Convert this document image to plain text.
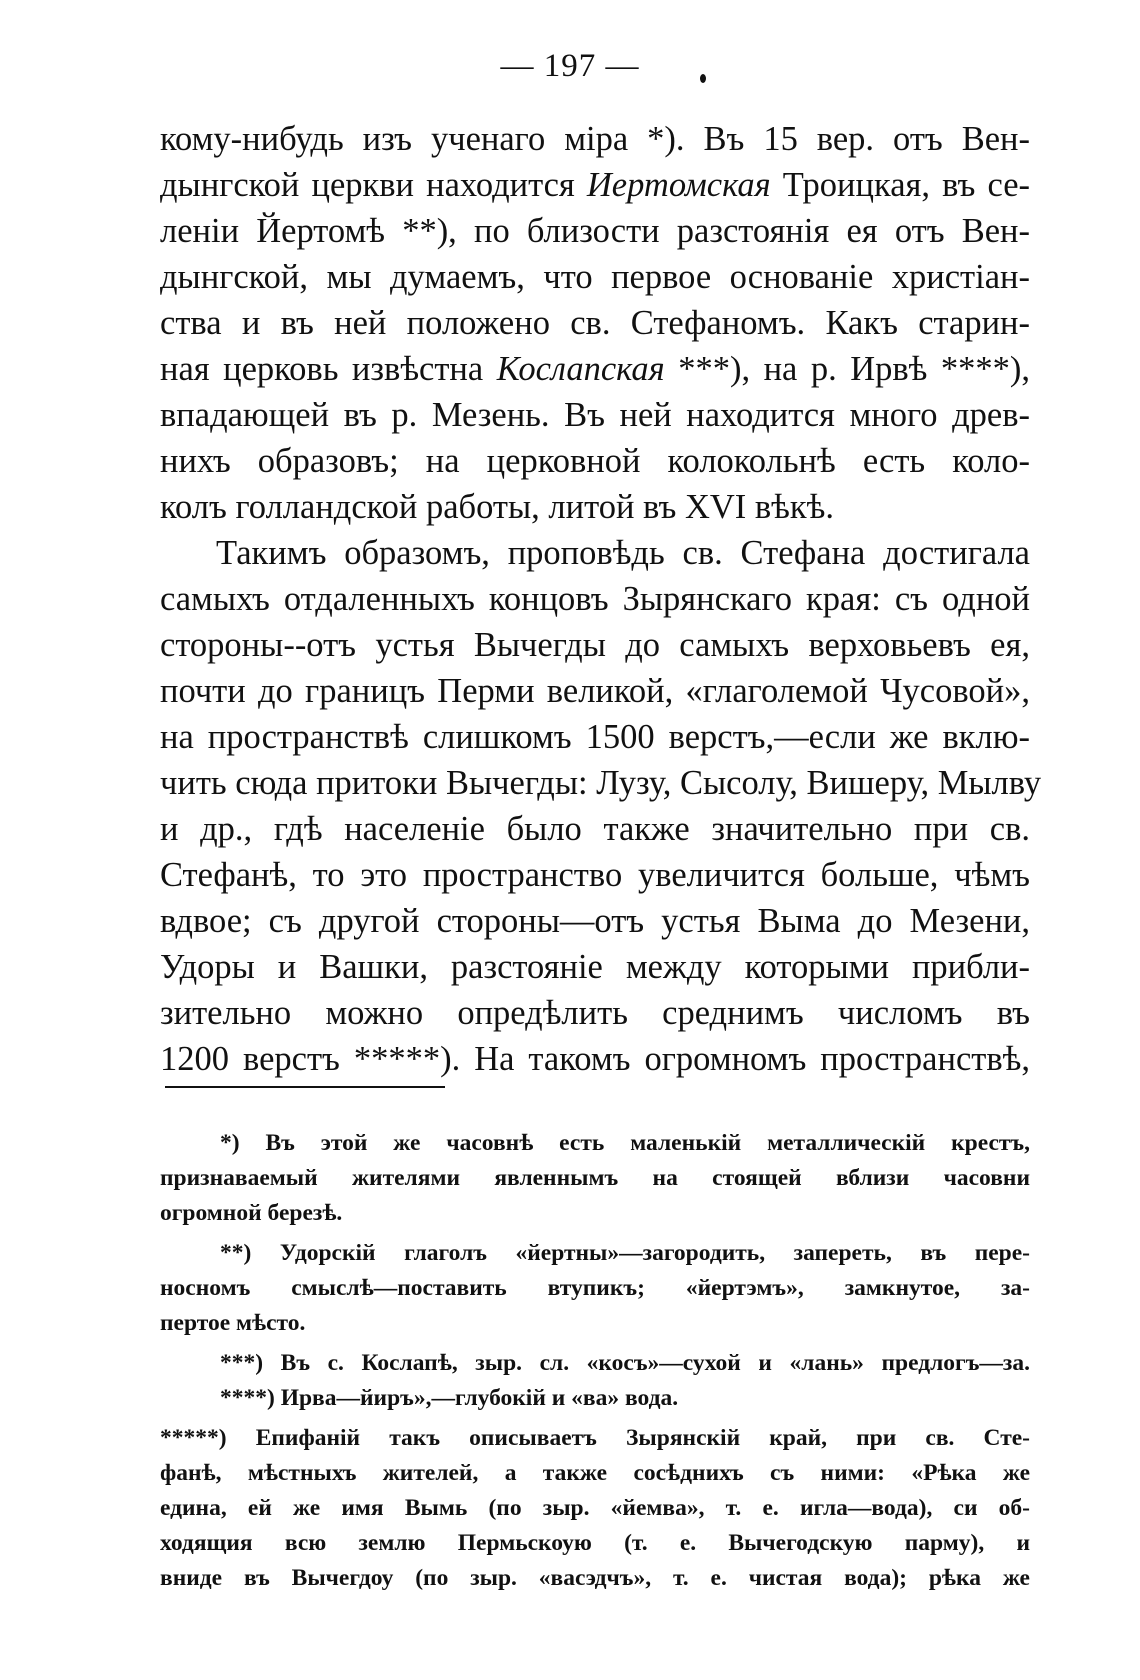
— 197 —
кому-нибудь изъ ученаго міра *). Въ 15 вер. отъ Вен-
дынгской церкви находится Иертомская Троицкая, въ се-
леніи Йертомѣ **), по близости разстоянія ея отъ Вен-
дынгской, мы думаемъ, что первое основаніе христіан-
ства и въ ней положено св. Стефаномъ. Какъ старин-
ная церковь извѣстна Кослапская ***), на р. Ирвѣ ****),
впадающей въ р. Мезень. Въ ней находится много древ-
нихъ образовъ; на церковной колокольнѣ есть коло-
колъ голландской работы, литой въ XVI вѣкѣ.
Такимъ образомъ, проповѣдь св. Стефана достигала
самыхъ отдаленныхъ концовъ Зырянскаго края: съ одной
стороны--отъ устья Вычегды до самыхъ верховьевъ ея,
почти до границъ Перми великой, «глаголемой Чусовой»,
на пространствѣ слишкомъ 1500 верстъ,—если же вклю-
чить сюда притоки Вычегды: Лузу, Сысолу, Вишеру, Мылву
и др., гдѣ населеніе было также значительно при св.
Стефанѣ, то это пространство увеличится больше, чѣмъ
вдвое; съ другой стороны—отъ устья Выма до Мезени,
Удоры и Вашки, разстояніе между которыми прибли-
зительно можно опредѣлить среднимъ числомъ въ
1200 верстъ *****). На такомъ огромномъ пространствѣ,
*) Въ этой же часовнѣ есть маленькій металлическій крестъ,
признаваемый жителями явленнымъ на стоящей вблизи часовни
огромной березѣ.
**) Удорскій глаголъ «йертны»—загородить, запереть, въ пере-
носномъ смыслѣ—поставить втупикъ; «йертэмъ», замкнутое, за-
пертое мѣсто.
***) Въ с. Кослапѣ, зыр. сл. «косъ»—сухой и «лань» предлогъ—за.
****) Ирва—йиръ»,—глубокій и «ва» вода.
*****) Епифаній такъ описываетъ Зырянскій край, при св. Сте-
фанѣ, мѣстныхъ жителей, а также сосѣднихъ съ ними: «Рѣка же
едина, ей же имя Вымь (по зыр. «йемва», т. е. игла—вода), си об-
ходящия всю землю Пермьскоую (т. е. Вычегодскую парму), и
вниде въ Вычегдоу (по зыр. «васэдчъ», т. е. чистая вода); рѣка же
